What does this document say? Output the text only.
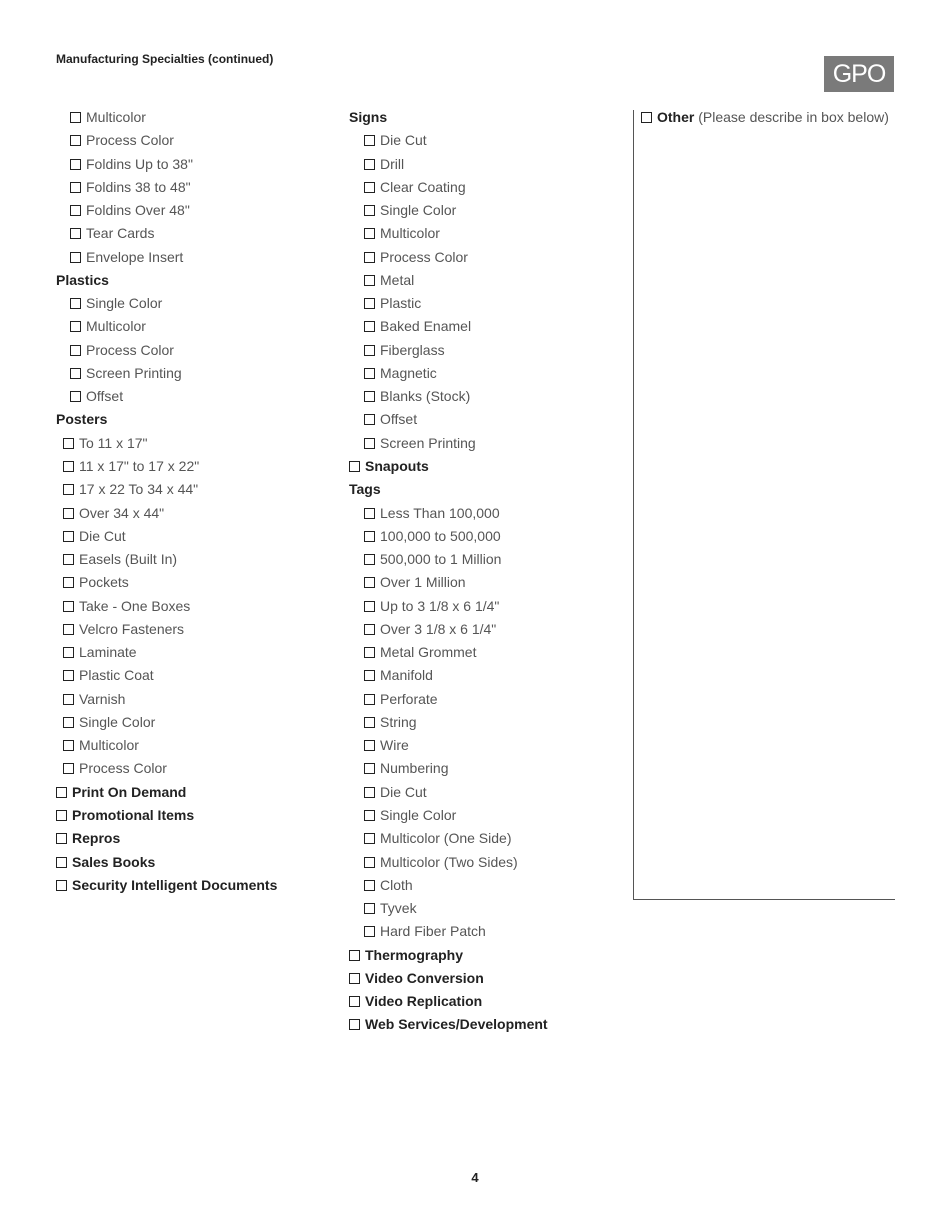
Manufacturing Specialties (continued)
GPO
Multicolor
Process Color
Foldins Up to 38"
Foldins 38 to 48"
Foldins Over 48"
Tear Cards
Envelope Insert
Plastics
Single Color
Multicolor
Process Color
Screen Printing
Offset
Posters
To 11 x 17"
11 x 17" to 17 x 22"
17 x 22 To 34 x 44"
Over 34 x 44"
Die Cut
Easels (Built In)
Pockets
Take - One Boxes
Velcro Fasteners
Laminate
Plastic Coat
Varnish
Single Color
Multicolor
Process Color
Print On Demand
Promotional Items
Repros
Sales Books
Security Intelligent Documents
Signs
Die Cut
Drill
Clear Coating
Single Color
Multicolor
Process Color
Metal
Plastic
Baked Enamel
Fiberglass
Magnetic
Blanks (Stock)
Offset
Screen Printing
Snapouts
Tags
Less Than 100,000
100,000 to 500,000
500,000 to 1 Million
Over 1 Million
Up to 3 1/8 x 6 1/4"
Over 3 1/8 x 6 1/4"
Metal Grommet
Manifold
Perforate
String
Wire
Numbering
Die Cut
Single Color
Multicolor (One Side)
Multicolor (Two Sides)
Cloth
Tyvek
Hard Fiber Patch
Thermography
Video Conversion
Video Replication
Web Services/Development
Other (Please describe in box below)
4
